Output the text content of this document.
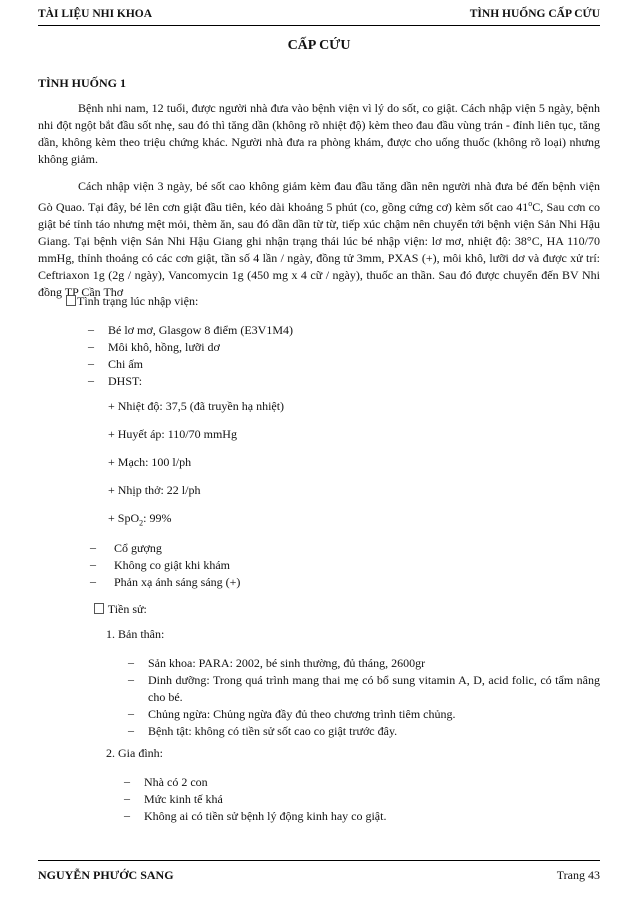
TÀI LIỆU NHI KHOA	TÌNH HUỐNG CẤP CỨU
CẤP CỨU
TÌNH HUỐNG 1

Bệnh nhi nam, 12 tuổi, được người nhà đưa vào bệnh viện vì lý do sốt, co giật. Cách nhập viện 5 ngày, bệnh nhi đột ngột bắt đầu sốt nhẹ, sau đó thì tăng dần (không rõ nhiệt độ) kèm theo đau đầu vùng trán - đỉnh liên tục, tăng dần, không kèm theo triệu chứng khác. Người nhà đưa ra phòng khám, được cho uống thuốc (không rõ loại) nhưng không giảm.

Cách nhập viện 3 ngày, bé sốt cao không giảm kèm đau đầu tăng dần nên người nhà đưa bé đến bệnh viện Gò Quao. Tại đây, bé lên cơn giật đầu tiên, kéo dài khoảng 5 phút (co, gồng cứng cơ) kèm sốt cao 41$^o$C, Sau cơn co giật bé tỉnh táo nhưng mệt mỏi, thèm ăn, sau đó dần dần từ từ, tiếp xúc chậm nên chuyển tới bệnh viện Sản Nhi Hậu Giang. Tại bệnh viện Sản Nhi Hậu Giang ghi nhận trạng thái lúc bé nhập viện: lơ mơ, nhiệt độ: 38°C, HA 110/70 mmHg, thỉnh thoảng có các cơn giật, tần số 4 lần / ngày, đồng tử 3mm, PXAS (+), môi khô, lưỡi dơ và được xử trí: Ceftriaxon 1g (2g / ngày), Vancomycin 1g (450 mg x 4 cữ / ngày), thuốc an thần. Sau đó được chuyển đến BV Nhi đồng TP Cần Thơ

Tình trạng lúc nhập viện:
– Bé lơ mơ, Glasgow 8 điểm (E3V1M4)
– Môi khô, hồng, lưỡi dơ
– Chi ấm
– DHST:
+ Nhiệt độ: 37,5 (đã truyền hạ nhiệt)
+ Huyết áp: 110/70 mmHg
+ Mạch: 100 l/ph
+ Nhịp thở: 22 l/ph
+ SpO$_2$: 99%
– Cổ gượng
– Không co giật khi khám
– Phản xạ ánh sáng sáng (+)
Tiền sử:
1. Bản thân:
– Sản khoa: PARA: 2002, bé sinh thường, đủ tháng, 2600gr
– Dinh dưỡng: Trong quá trình mang thai mẹ có bổ sung vitamin A, D, acid folic, có tẩm nâng cho bé.
– Chủng ngừa: Chủng ngừa đầy đủ theo chương trình tiêm chủng.
– Bệnh tật: không có tiền sử sốt cao co giật trước đây.
2. Gia đình:
– Nhà có 2 con
– Mức kinh tế khá
– Không ai có tiền sử bệnh lý động kinh hay co giật.
NGUYỄN PHƯỚC SANG	Trang 43
